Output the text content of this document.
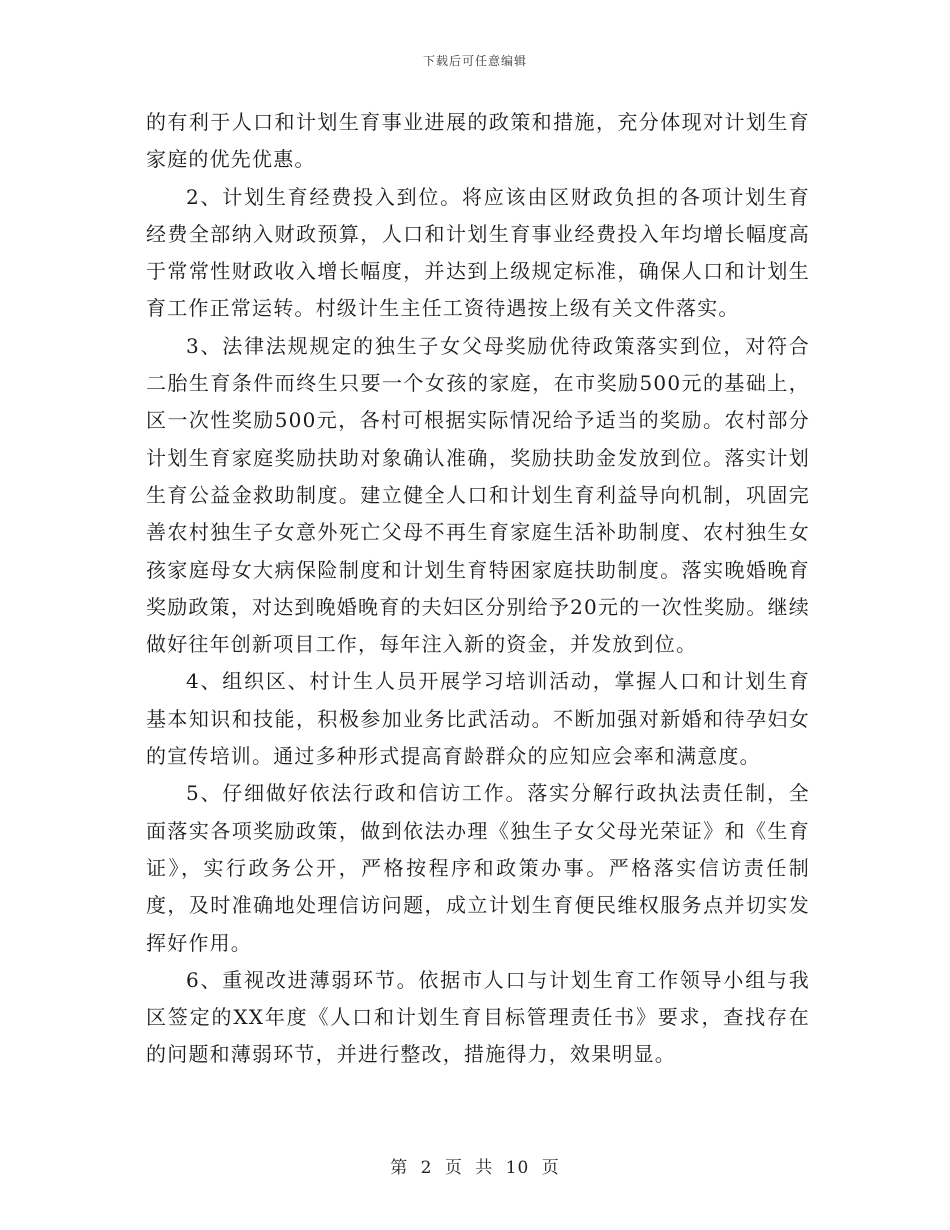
下载后可任意编辑

的有利于人口和计划生育事业进展的政策和措施，充分体现对计划生育家庭的优先优惠。

2、计划生育经费投入到位。将应该由区财政负担的各项计划生育经费全部纳入财政预算，人口和计划生育事业经费投入年均增长幅度高于常常性财政收入增长幅度，并达到上级规定标准，确保人口和计划生育工作正常运转。村级计生主任工资待遇按上级有关文件落实。

3、法律法规规定的独生子女父母奖励优待政策落实到位，对符合二胎生育条件而终生只要一个女孩的家庭，在市奖励500元的基础上，区一次性奖励500元，各村可根据实际情况给予适当的奖励。农村部分计划生育家庭奖励扶助对象确认准确，奖励扶助金发放到位。落实计划生育公益金救助制度。建立健全人口和计划生育利益导向机制，巩固完善农村独生子女意外死亡父母不再生育家庭生活补助制度、农村独生女孩家庭母女大病保险制度和计划生育特困家庭扶助制度。落实晚婚晚育奖励政策，对达到晚婚晚育的夫妇区分别给予20元的一次性奖励。继续做好往年创新项目工作，每年注入新的资金，并发放到位。

4、组织区、村计生人员开展学习培训活动，掌握人口和计划生育基本知识和技能，积极参加业务比武活动。不断加强对新婚和待孕妇女的宣传培训。通过多种形式提高育龄群众的应知应会率和满意度。

5、仔细做好依法行政和信访工作。落实分解行政执法责任制，全面落实各项奖励政策，做到依法办理《独生子女父母光荣证》和《生育证》，实行政务公开，严格按程序和政策办事。严格落实信访责任制度，及时准确地处理信访问题，成立计划生育便民维权服务点并切实发挥好作用。

6、重视改进薄弱环节。依据市人口与计划生育工作领导小组与我区签定的XX年度《人口和计划生育目标管理责任书》要求，查找存在的问题和薄弱环节，并进行整改，措施得力，效果明显。

第 2 页 共 10 页
